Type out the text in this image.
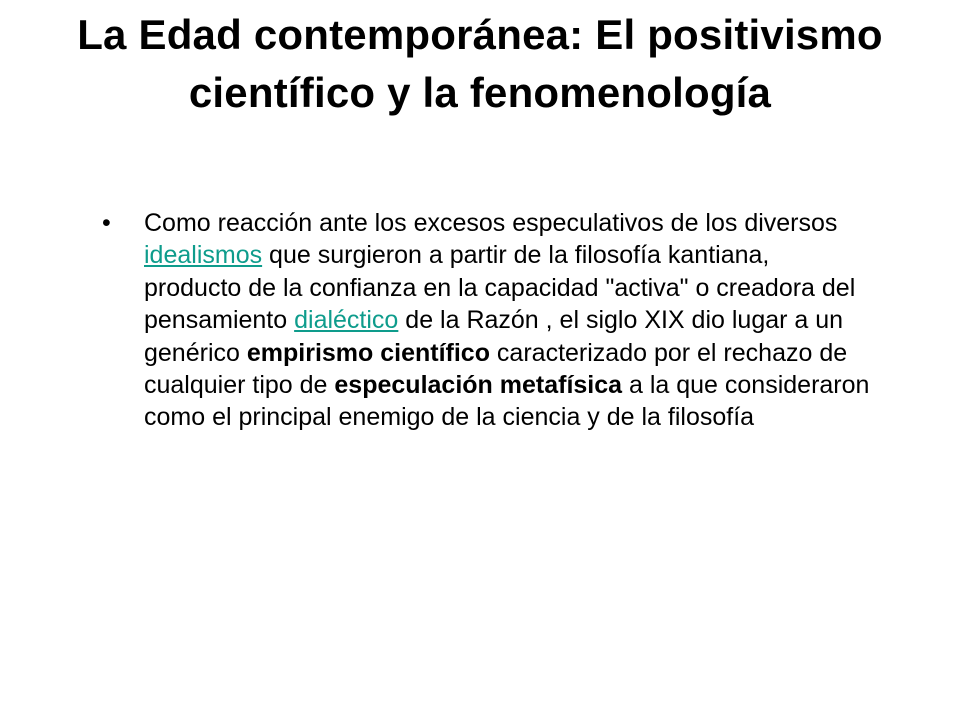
La Edad contemporánea: El positivismo científico y la fenomenología
• Como reacción ante los excesos especulativos de los diversos idealismos que surgieron a partir de la filosofía kantiana, producto de la confianza en la capacidad "activa" o creadora del pensamiento dialéctico de la Razón , el siglo XIX dio lugar a un genérico empirismo científico caracterizado por el rechazo de cualquier tipo de especulación metafísica a la que consideraron como el principal enemigo de la ciencia y de la filosofía
